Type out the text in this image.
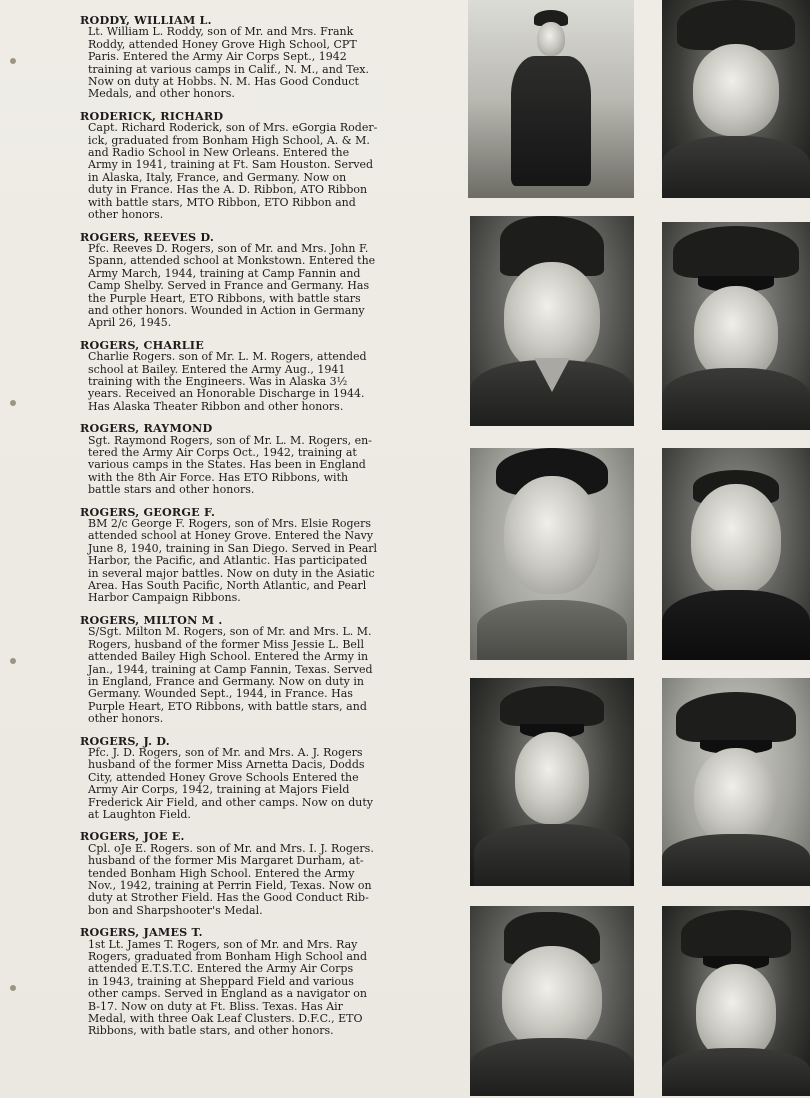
RODDY, WILLIAM L.
Lt. William L. Roddy, son of Mr. and Mrs. Frank
Roddy, attended Honey Grove High School, CPT
Paris. Entered the Army Air Corps Sept., 1942
training at various camps in Calif., N. M., and Tex.
Now on duty at Hobbs. N. M. Has Good Conduct
Medals, and other honors.
RODERICK, RICHARD
Capt. Richard Roderick, son of Mrs. eGorgia Roder-
ick, graduated from Bonham High School, A. & M.
and Radio School in New Orleans. Entered the
Army in 1941, training at Ft. Sam Houston. Served
in Alaska, Italy, France, and Germany. Now on
duty in France. Has the A. D. Ribbon, ATO Ribbon
with battle stars, MTO Ribbon, ETO Ribbon and
other honors.
ROGERS, REEVES D.
Pfc. Reeves D. Rogers, son of Mr. and Mrs. John F.
Spann, attended school at Monkstown. Entered the
Army March, 1944, training at Camp Fannin and
Camp Shelby. Served in France and Germany. Has
the Purple Heart, ETO Ribbons, with battle stars
and other honors. Wounded in Action in Germany
April 26, 1945.
ROGERS, CHARLIE
Charlie Rogers. son of Mr. L. M. Rogers, attended
school at Bailey. Entered the Army Aug., 1941
training with the Engineers. Was in Alaska 3½
years. Received an Honorable Discharge in 1944.
Has Alaska Theater Ribbon and other honors.
ROGERS, RAYMOND
Sgt. Raymond Rogers, son of Mr. L. M. Rogers, en-
tered the Army Air Corps Oct., 1942, training at
various camps in the States. Has been in England
with the 8th Air Force. Has ETO Ribbons, with
battle stars and other honors.
ROGERS, GEORGE F.
BM 2/c George F. Rogers, son of Mrs. Elsie Rogers
attended school at Honey Grove. Entered the Navy
June 8, 1940, training in San Diego. Served in Pearl
Harbor, the Pacific, and Atlantic. Has participated
in several major battles. Now on duty in the Asiatic
Area. Has South Pacific, North Atlantic, and Pearl
Harbor Campaign Ribbons.
ROGERS, MILTON M .
S/Sgt. Milton M. Rogers, son of Mr. and Mrs. L. M.
Rogers, husband of the former Miss Jessie L. Bell
attended Bailey High School. Entered the Army in
Jan., 1944, training at Camp Fannin, Texas. Served
in England, France and Germany. Now on duty in
Germany. Wounded Sept., 1944, in France. Has
Purple Heart, ETO Ribbons, with battle stars, and
other honors.
ROGERS, J. D.
Pfc. J. D. Rogers, son of Mr. and Mrs. A. J. Rogers
husband of the former Miss Arnetta Dacis, Dodds
City, attended Honey Grove Schools Entered the
Army Air Corps, 1942, training at Majors Field
Frederick Air Field, and other camps. Now on duty
at Laughton Field.
ROGERS, JOE E.
Cpl. oJe E. Rogers. son of Mr. and Mrs. I. J. Rogers.
husband of the former Mis Margaret Durham, at-
tended Bonham High School. Entered the Army
Nov., 1942, training at Perrin Field, Texas. Now on
duty at Strother Field. Has the Good Conduct Rib-
bon and Sharpshooter's Medal.
ROGERS, JAMES T.
1st Lt. James T. Rogers, son of Mr. and Mrs. Ray
Rogers, graduated from Bonham High School and
attended E.T.S.T.C. Entered the Army Air Corps
in 1943, training at Sheppard Field and various
other camps. Served in England as a navigator on
B-17. Now on duty at Ft. Bliss. Texas. Has Air
Medal, with three Oak Leaf Clusters. D.F.C., ETO
Ribbons, with batle stars, and other honors.
